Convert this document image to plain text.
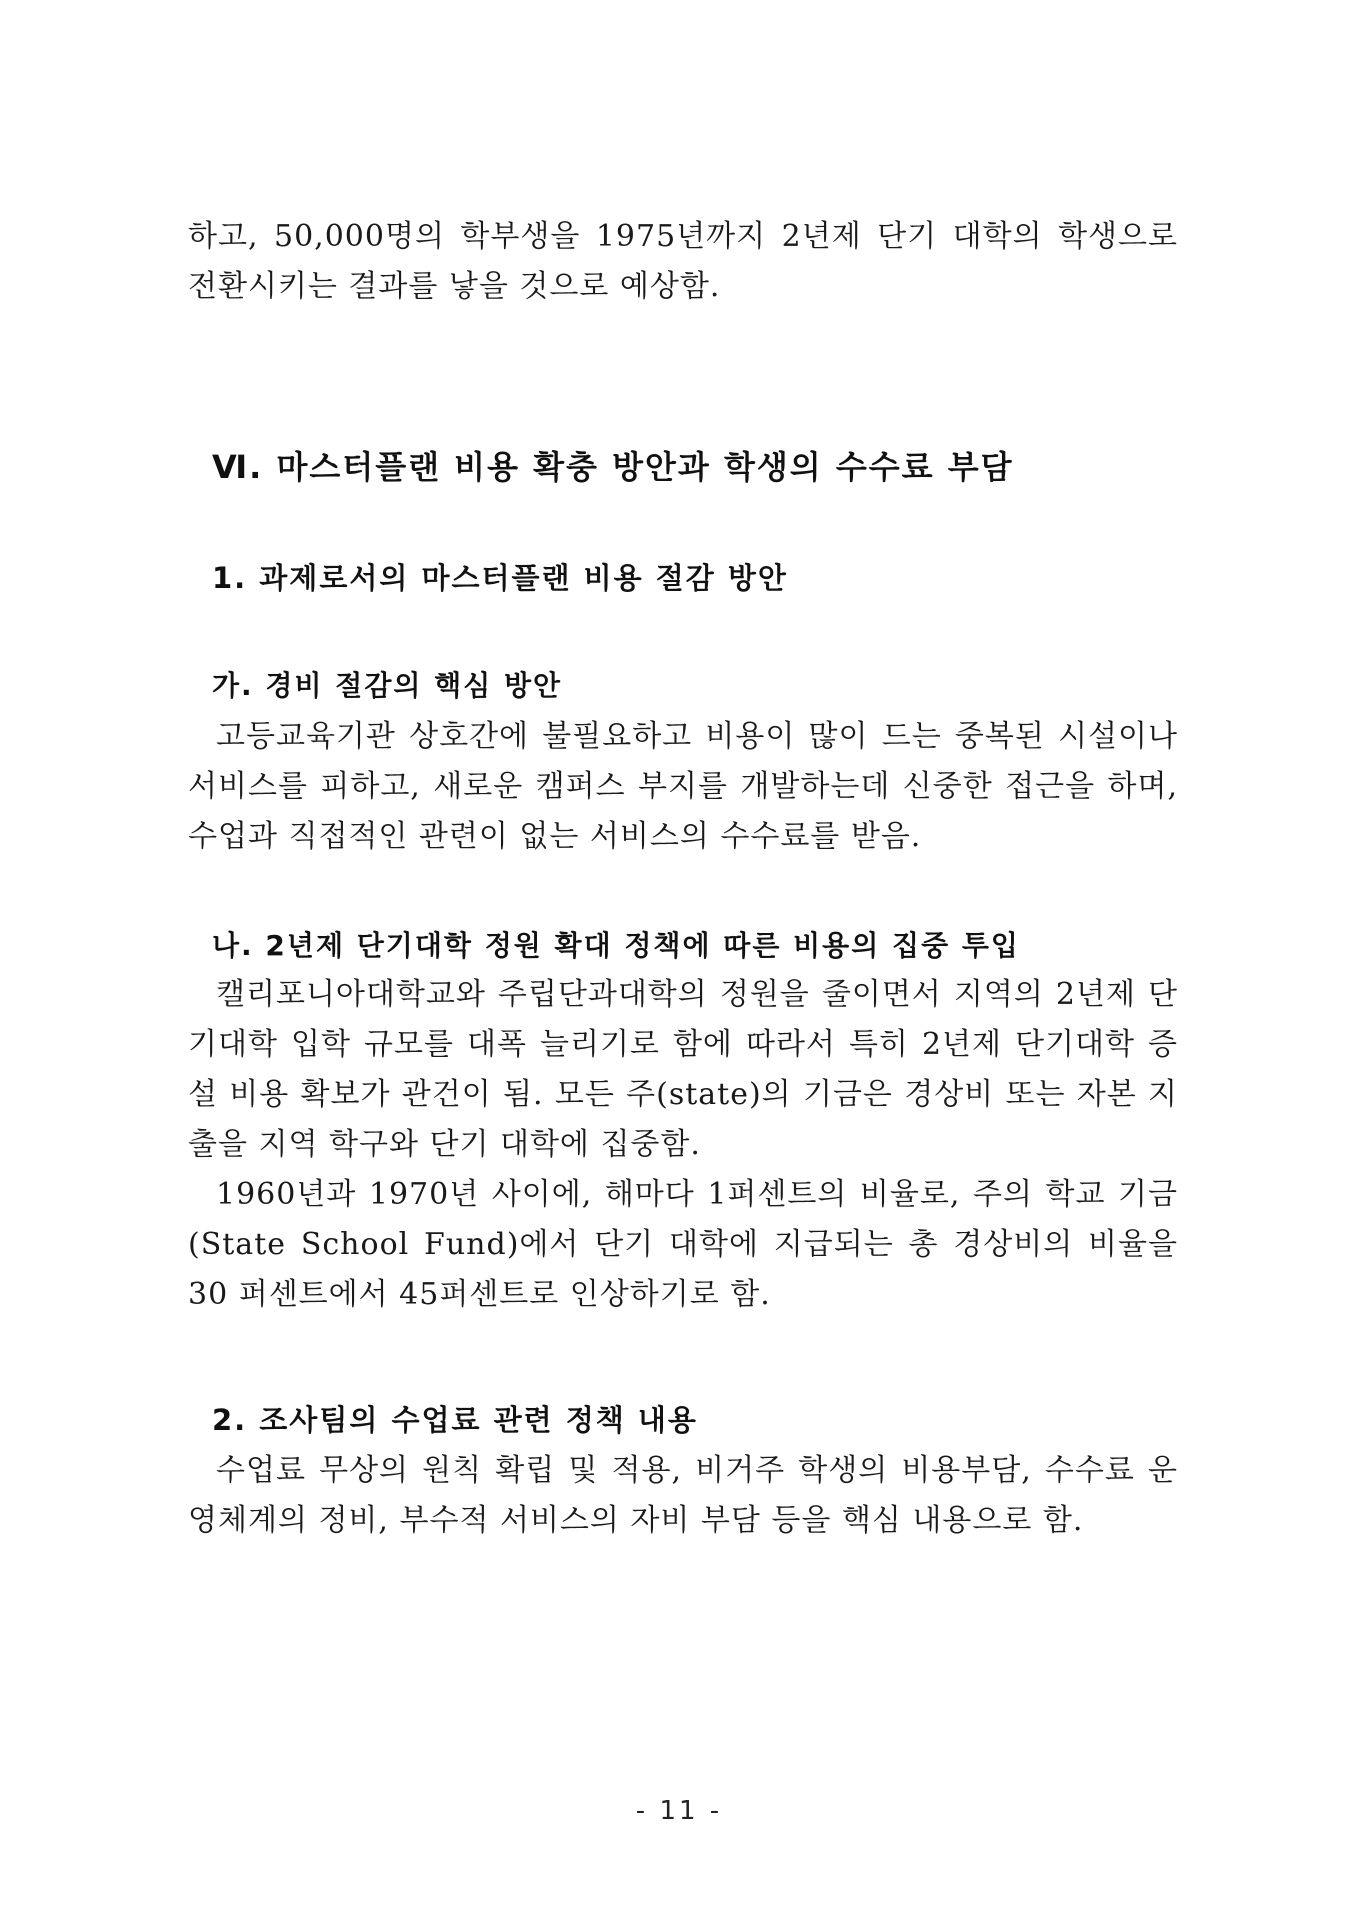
하고, 50,000명의 학부생을 1975년까지 2년제 단기 대학의 학생으로 전환시키는 결과를 낳을 것으로 예상함.

Ⅵ. 마스터플랜 비용 확충 방안과 학생의 수수료 부담
1. 과제로서의 마스터플랜 비용 절감 방안
가. 경비 절감의 핵심 방안

고등교육기관 상호간에 불필요하고 비용이 많이 드는 중복된 시설이나 서비스를 피하고, 새로운 캠퍼스 부지를 개발하는데 신중한 접근을 하며, 수업과 직접적인 관련이 없는 서비스의 수수료를 받음.

나. 2년제 단기대학 정원 확대 정책에 따른 비용의 집중 투입

캘리포니아대학교와 주립단과대학의 정원을 줄이면서 지역의 2년제 단기대학 입학 규모를 대폭 늘리기로 함에 따라서 특히 2년제 단기대학 증설 비용 확보가 관건이 됨. 모든 주(state)의 기금은 경상비 또는 자본 지출을 지역 학구와 단기 대학에 집중함.

1960년과 1970년 사이에, 해마다 1퍼센트의 비율로, 주의 학교 기금 (State School Fund)에서 단기 대학에 지급되는 총 경상비의 비율을 30 퍼센트에서 45퍼센트로 인상하기로 함.

2. 조사팀의 수업료 관련 정책 내용

수업료 무상의 원칙 확립 및 적용, 비거주 학생의 비용부담, 수수료 운영체계의 정비, 부수적 서비스의 자비 부담 등을 핵심 내용으로 함.

- 11 -
